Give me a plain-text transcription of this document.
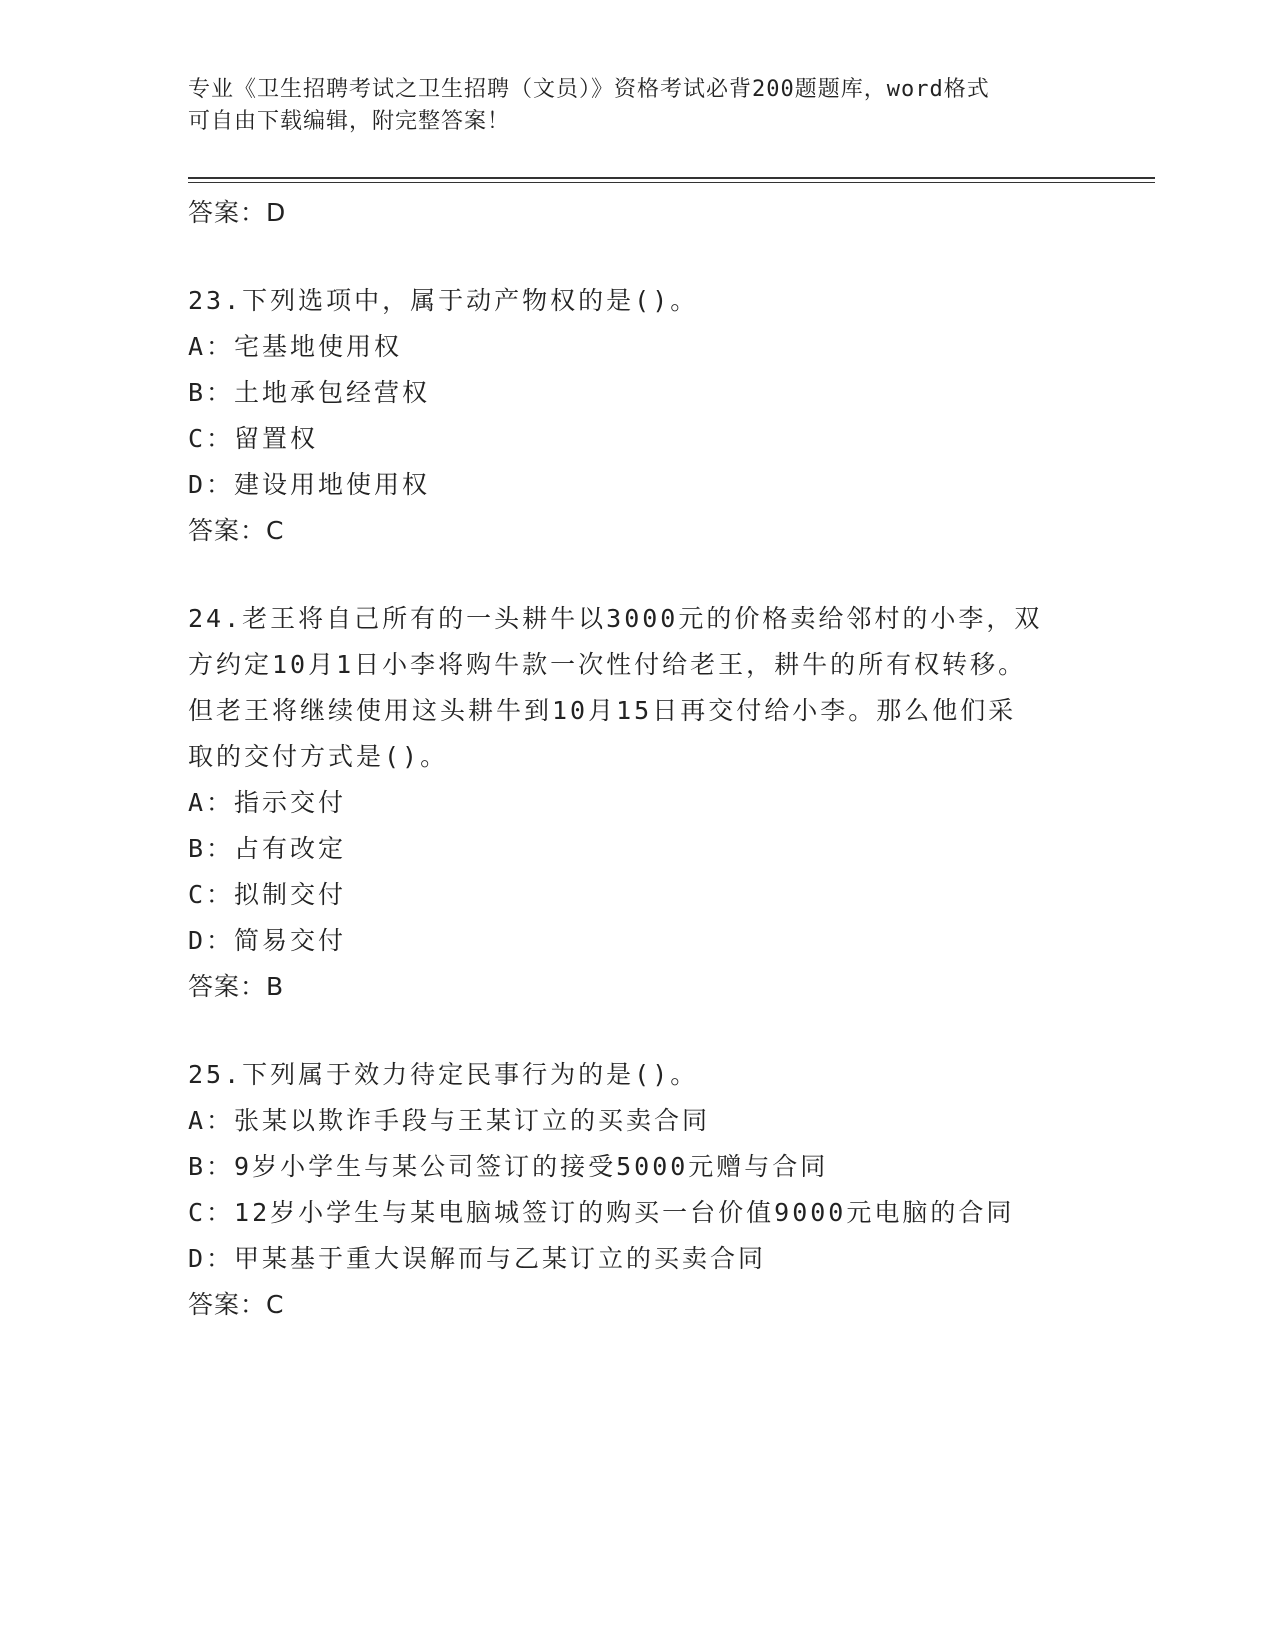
专业《卫生招聘考试之卫生招聘（文员）》资格考试必背200题题库，word格式
可自由下载编辑，附完整答案！
答案：D
23.下列选项中，属于动产物权的是()。
A：宅基地使用权
B：土地承包经营权
C：留置权
D：建设用地使用权
答案：C
24.老王将自己所有的一头耕牛以3000元的价格卖给邻村的小李，双
方约定10月1日小李将购牛款一次性付给老王，耕牛的所有权转移。
但老王将继续使用这头耕牛到10月15日再交付给小李。那么他们采
取的交付方式是()。
A：指示交付
B：占有改定
C：拟制交付
D：简易交付
答案：B
25.下列属于效力待定民事行为的是()。
A：张某以欺诈手段与王某订立的买卖合同
B：9岁小学生与某公司签订的接受5000元赠与合同
C：12岁小学生与某电脑城签订的购买一台价值9000元电脑的合同
D：甲某基于重大误解而与乙某订立的买卖合同
答案：C
